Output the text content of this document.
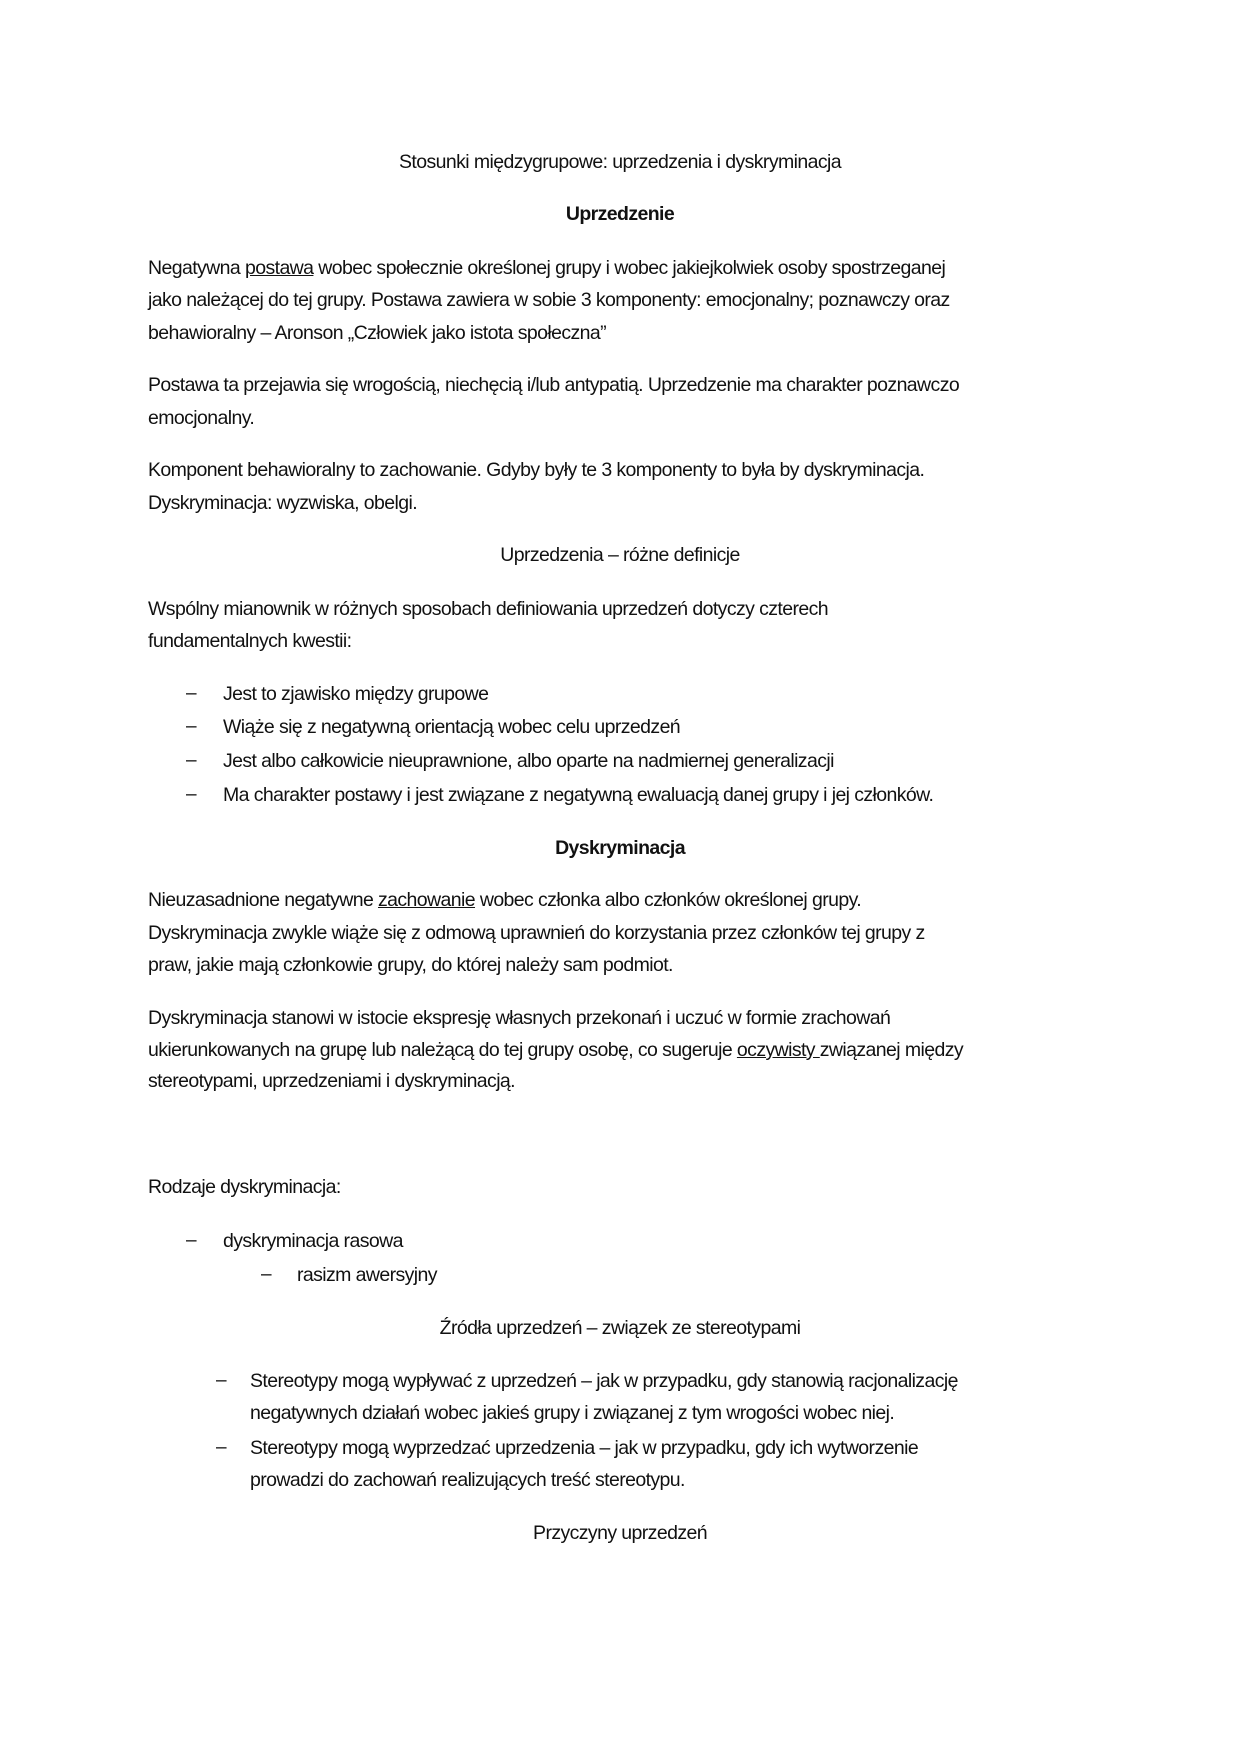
Stosunki międzygrupowe: uprzedzenia i dyskryminacja
Uprzedzenie
Negatywna postawa wobec społecznie określonej grupy i wobec jakiejkolwiek osoby spostrzeganej
jako należącej do tej grupy. Postawa zawiera w sobie 3 komponenty: emocjonalny; poznawczy oraz
behawioralny – Aronson „Człowiek jako istota społeczna”
Postawa ta przejawia się wrogością, niechęcią i/lub antypatią. Uprzedzenie ma charakter poznawczo
emocjonalny.
Komponent behawioralny to zachowanie. Gdyby były te 3 komponenty to była by dyskryminacja.
Dyskryminacja: wyzwiska, obelgi.
Uprzedzenia – różne definicje
Wspólny mianownik w różnych sposobach definiowania uprzedzeń dotyczy czterech
fundamentalnych kwestii:
– Jest to zjawisko między grupowe
– Wiąże się z negatywną orientacją wobec celu uprzedzeń
– Jest albo całkowicie nieuprawnione, albo oparte na nadmiernej generalizacji
– Ma charakter postawy i jest związane z negatywną ewaluacją danej grupy i jej członków.
Dyskryminacja
Nieuzasadnione negatywne zachowanie wobec członka albo członków określonej grupy.
Dyskryminacja zwykle wiąże się z odmową uprawnień do korzystania przez członków tej grupy z
praw, jakie mają członkowie grupy, do której należy sam podmiot.
Dyskryminacja stanowi w istocie ekspresję własnych przekonań i uczuć w formie zrachowań
ukierunkowanych na grupę lub należącą do tej grupy osobę, co sugeruje oczywisty związanej między
stereotypami, uprzedzeniami i dyskryminacją.
Rodzaje dyskryminacja:
– dyskryminacja rasowa
– rasizm awersyjny
Źródła uprzedzeń – związek ze stereotypami
– Stereotypy mogą wypływać z uprzedzeń – jak w przypadku, gdy stanowią racjonalizację
negatywnych działań wobec jakieś grupy i związanej z tym wrogości wobec niej.
– Stereotypy mogą wyprzedzać uprzedzenia – jak w przypadku, gdy ich wytworzenie
prowadzi do zachowań realizujących treść stereotypu.
Przyczyny uprzedzeń
